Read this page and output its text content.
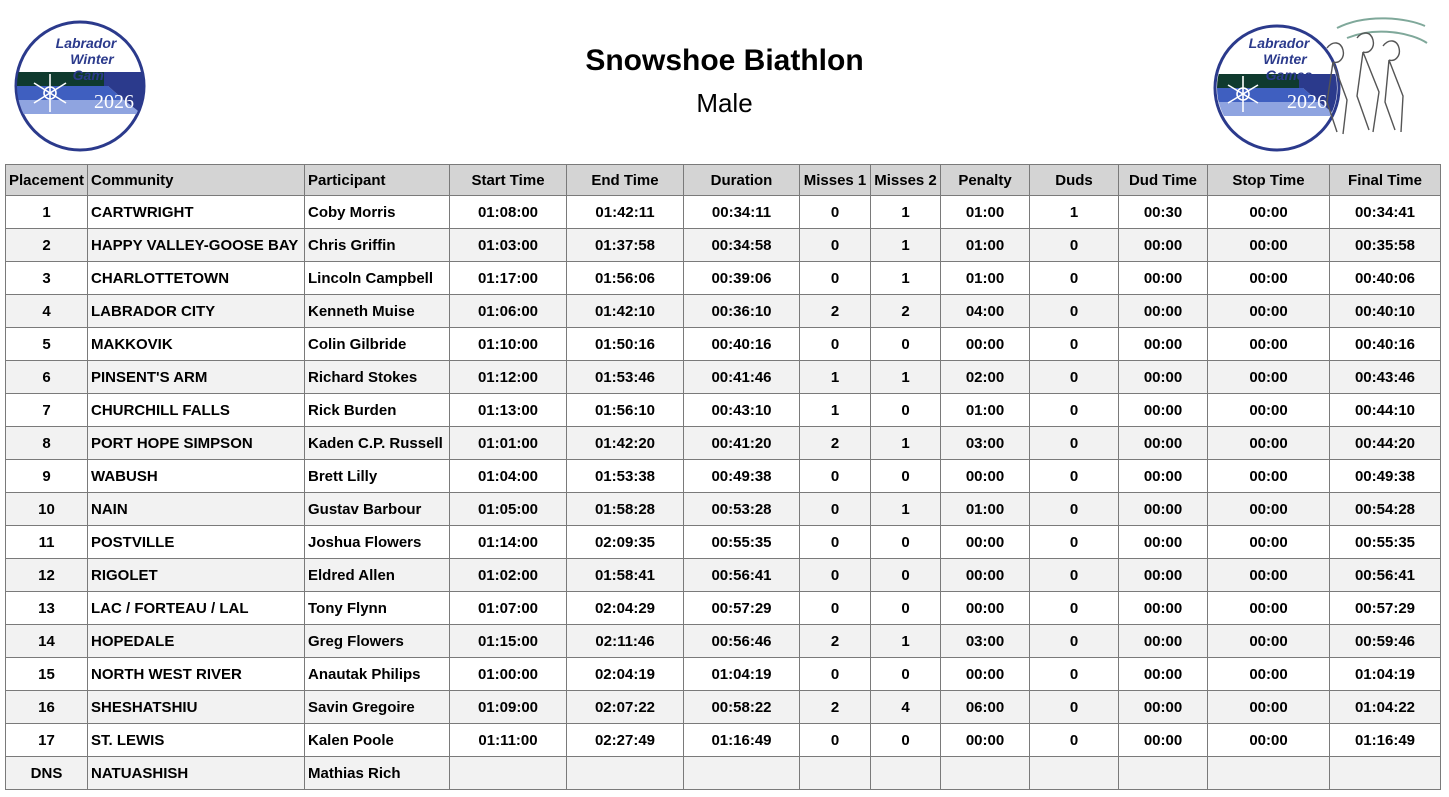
Labrador
Winter
Games
2026
Labrador
Winter
Games
2026
Snowshoe Biathlon
Male
Placement	Community	Participant	Start Time	End Time	Duration	Misses 1	Misses 2	Penalty	Duds	Dud Time	Stop Time	Final Time
1	CARTWRIGHT	Coby Morris	01:08:00	01:42:11	00:34:11	0	1	01:00	1	00:30	00:00	00:34:41
2	HAPPY VALLEY-GOOSE BAY	Chris Griffin	01:03:00	01:37:58	00:34:58	0	1	01:00	0	00:00	00:00	00:35:58
3	CHARLOTTETOWN	Lincoln Campbell	01:17:00	01:56:06	00:39:06	0	1	01:00	0	00:00	00:00	00:40:06
4	LABRADOR CITY	Kenneth Muise	01:06:00	01:42:10	00:36:10	2	2	04:00	0	00:00	00:00	00:40:10
5	MAKKOVIK	Colin Gilbride	01:10:00	01:50:16	00:40:16	0	0	00:00	0	00:00	00:00	00:40:16
6	PINSENT'S ARM	Richard Stokes	01:12:00	01:53:46	00:41:46	1	1	02:00	0	00:00	00:00	00:43:46
7	CHURCHILL FALLS	Rick Burden	01:13:00	01:56:10	00:43:10	1	0	01:00	0	00:00	00:00	00:44:10
8	PORT HOPE SIMPSON	Kaden C.P. Russell	01:01:00	01:42:20	00:41:20	2	1	03:00	0	00:00	00:00	00:44:20
9	WABUSH	Brett Lilly	01:04:00	01:53:38	00:49:38	0	0	00:00	0	00:00	00:00	00:49:38
10	NAIN	Gustav Barbour	01:05:00	01:58:28	00:53:28	0	1	01:00	0	00:00	00:00	00:54:28
11	POSTVILLE	Joshua Flowers	01:14:00	02:09:35	00:55:35	0	0	00:00	0	00:00	00:00	00:55:35
12	RIGOLET	Eldred Allen	01:02:00	01:58:41	00:56:41	0	0	00:00	0	00:00	00:00	00:56:41
13	LAC / FORTEAU / LAL	Tony Flynn	01:07:00	02:04:29	00:57:29	0	0	00:00	0	00:00	00:00	00:57:29
14	HOPEDALE	Greg Flowers	01:15:00	02:11:46	00:56:46	2	1	03:00	0	00:00	00:00	00:59:46
15	NORTH WEST RIVER	Anautak Philips	01:00:00	02:04:19	01:04:19	0	0	00:00	0	00:00	00:00	01:04:19
16	SHESHATSHIU	Savin Gregoire	01:09:00	02:07:22	00:58:22	2	4	06:00	0	00:00	00:00	01:04:22
17	ST. LEWIS	Kalen Poole	01:11:00	02:27:49	01:16:49	0	0	00:00	0	00:00	00:00	01:16:49
DNS	NATUASHISH	Mathias Rich										
